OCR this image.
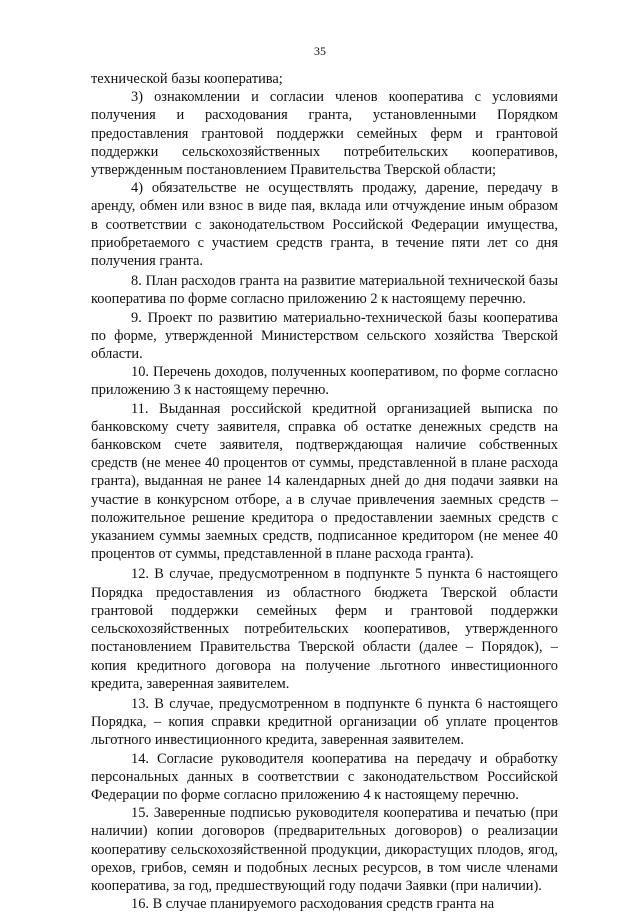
35

технической базы кооператива;

3) ознакомлении и согласии членов кооператива с условиями получения и расходования гранта, установленными Порядком предоставления грантовой поддержки семейных ферм и грантовой поддержки сельскохозяйственных потребительских кооперативов, утвержденным постановлением Правительства Тверской области;

4) обязательстве не осуществлять продажу, дарение, передачу в аренду, обмен или взнос в виде пая, вклада или отчуждение иным образом в соответствии с законодательством Российской Федерации имущества, приобретаемого с участием средств гранта, в течение пяти лет со дня получения гранта.

8. План расходов гранта на развитие материальной технической базы кооператива по форме согласно приложению 2 к настоящему перечню.

9. Проект по развитию материально-технической базы кооператива по форме, утвержденной Министерством сельского хозяйства Тверской области.

10. Перечень доходов, полученных кооперативом, по форме согласно приложению 3 к настоящему перечню.

11. Выданная российской кредитной организацией выписка по банковскому счету заявителя, справка об остатке денежных средств на банковском счете заявителя, подтверждающая наличие собственных средств (не менее 40 процентов от суммы, представленной в плане расхода гранта), выданная не ранее 14 календарных дней до дня подачи заявки на участие в конкурсном отборе, а в случае привлечения заемных средств – положительное решение кредитора о предоставлении заемных средств с указанием суммы заемных средств, подписанное кредитором (не менее 40 процентов от суммы, представленной в плане расхода гранта).

12. В случае, предусмотренном в подпункте 5 пункта 6 настоящего Порядка предоставления из областного бюджета Тверской области грантовой поддержки семейных ферм и грантовой поддержки сельскохозяйственных потребительских кооперативов, утвержденного постановлением Правительства Тверской области (далее – Порядок), – копия кредитного договора на получение льготного инвестиционного кредита, заверенная заявителем.

13. В случае, предусмотренном в подпункте 6 пункта 6 настоящего Порядка, – копия справки кредитной организации об уплате процентов льготного инвестиционного кредита, заверенная заявителем.

14. Согласие руководителя кооператива на передачу и обработку персональных данных в соответствии с законодательством Российской Федерации по форме согласно приложению 4 к настоящему перечню.

15. Заверенные подписью руководителя кооператива и печатью (при наличии) копии договоров (предварительных договоров) о реализации кооперативу сельскохозяйственной продукции, дикорастущих плодов, ягод, орехов, грибов, семян и подобных лесных ресурсов, в том числе членами кооператива, за год, предшествующий году подачи Заявки (при наличии).

16. В случае планируемого расходования средств гранта на
